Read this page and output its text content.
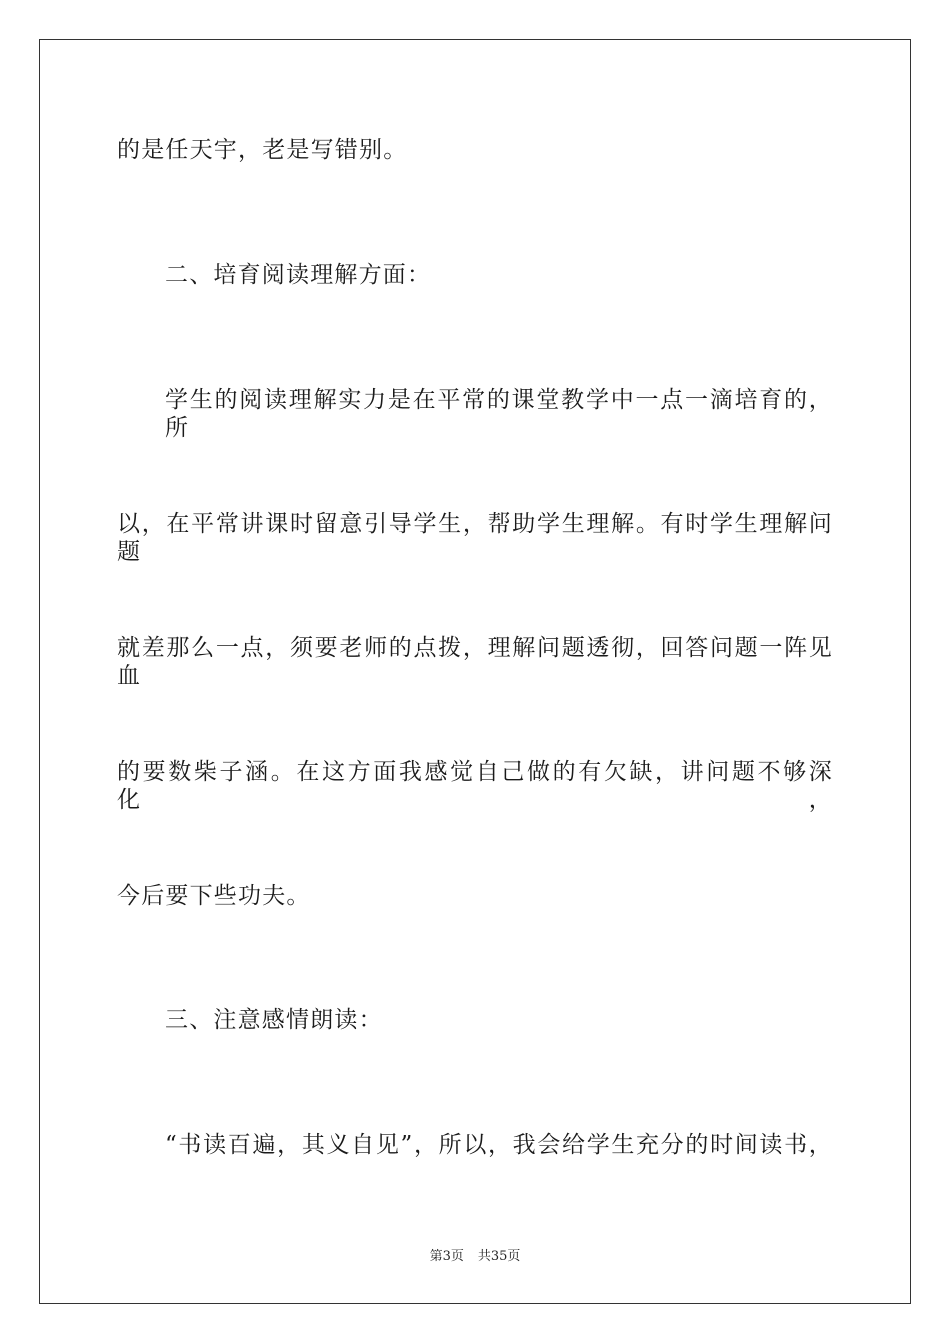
的是任天宇，老是写错别。
二、培育阅读理解方面：
学生的阅读理解实力是在平常的课堂教学中一点一滴培育的，所
以，在平常讲课时留意引导学生，帮助学生理解。有时学生理解问题
就差那么一点，须要老师的点拨，理解问题透彻，回答问题一阵见血
的要数柴子涵。在这方面我感觉自己做的有欠缺，讲问题不够深化，
今后要下些功夫。
三、注意感情朗读：
“书读百遍，其义自见”，所以，我会给学生充分的时间读书，
第3页 共35页
